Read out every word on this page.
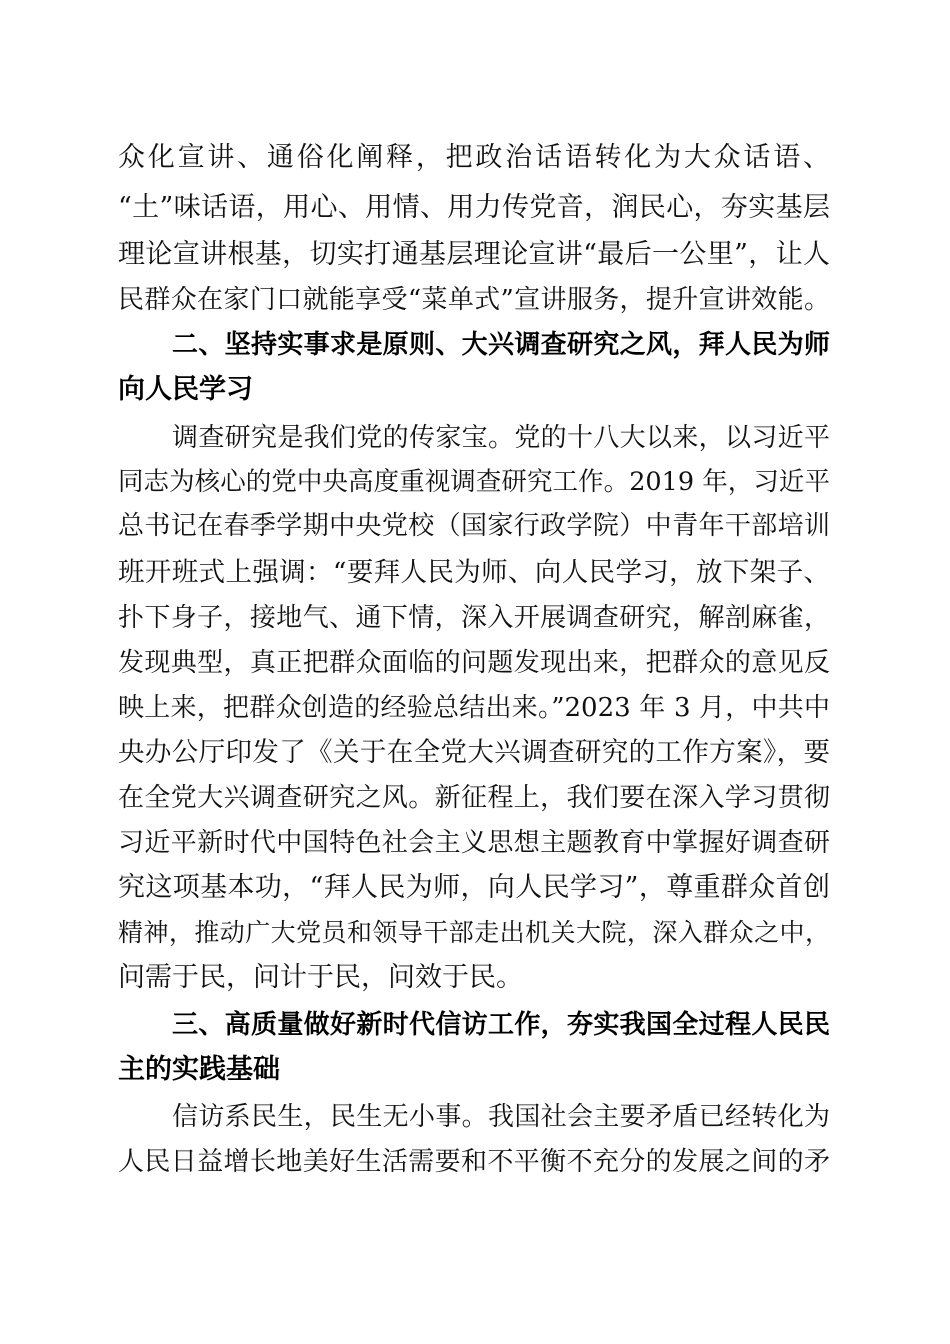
众化宣讲、通俗化阐释，把政治话语转化为大众话语、
“土”味话语，用心、用情、用力传党音，润民心，夯实基层
理论宣讲根基，切实打通基层理论宣讲“最后一公里”，让人
民群众在家门口就能享受“菜单式”宣讲服务，提升宣讲效能。
二、坚持实事求是原则、大兴调查研究之风，拜人民为师
向人民学习
调查研究是我们党的传家宝。党的十八大以来，以习近平
同志为核心的党中央高度重视调查研究工作。2019 年，习近平
总书记在春季学期中央党校（国家行政学院）中青年干部培训
班开班式上强调：“要拜人民为师、向人民学习，放下架子、
扑下身子，接地气、通下情，深入开展调查研究，解剖麻雀，
发现典型，真正把群众面临的问题发现出来，把群众的意见反
映上来，把群众创造的经验总结出来。”2023 年 3 月，中共中
央办公厅印发了《关于在全党大兴调查研究的工作方案》，要
在全党大兴调查研究之风。新征程上，我们要在深入学习贯彻
习近平新时代中国特色社会主义思想主题教育中掌握好调查研
究这项基本功，“拜人民为师，向人民学习”，尊重群众首创
精神，推动广大党员和领导干部走出机关大院，深入群众之中，
问需于民，问计于民，问效于民。
三、高质量做好新时代信访工作，夯实我国全过程人民民
主的实践基础
信访系民生，民生无小事。我国社会主要矛盾已经转化为
人民日益增长地美好生活需要和不平衡不充分的发展之间的矛
